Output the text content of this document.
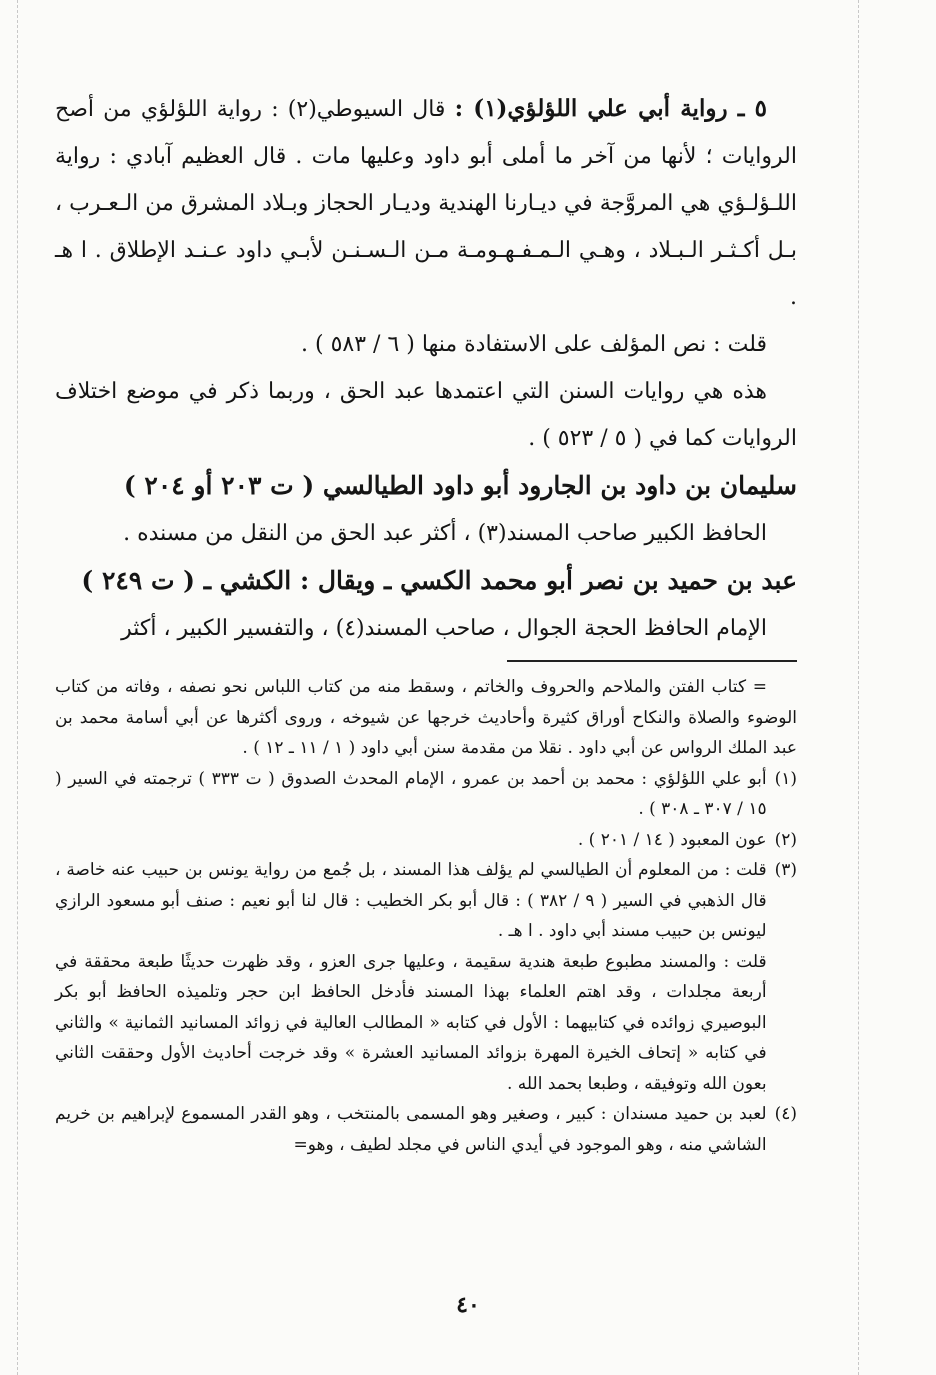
٥ ـ رواية أبي علي اللؤلؤي(١) : قال السيوطي(٢) : رواية اللؤلؤي من أصح الروايات ؛ لأنها من آخر ما أملى أبو داود وعليها مات . قال العظيم آبادي : رواية اللـؤلـؤي هي المروَّجة في ديـارنا الهندية وديـار الحجاز وبـلاد المشرق من الـعـرب ، بـل أكـثـر الـبـلاد ، وهـي الـمـفـهـومـة مـن الـسـنـن لأبـي داود عـنـد الإطلاق . ا هـ .

قلت : نص المؤلف على الاستفادة منها ( ٦ / ٥٨٣ ) .

هذه هي روايات السنن التي اعتمدها عبد الحق ، وربما ذكر في موضع اختلاف الروايات كما في ( ٥ / ٥٢٣ ) .

سليمان بن داود بن الجارود أبو داود الطيالسي ( ت ٢٠٣ أو ٢٠٤ )

الحافظ الكبير صاحب المسند(٣) ، أكثر عبد الحق من النقل من مسنده .

عبد بن حميد بن نصر أبو محمد الكسي ـ ويقال : الكشي ـ ( ت ٢٤٩ )

الإمام الحافظ الحجة الجوال ، صاحب المسند(٤) ، والتفسير الكبير ، أكثر

= كتاب الفتن والملاحم والحروف والخاتم ، وسقط منه من كتاب اللباس نحو نصفه ، وفاته من كتاب الوضوء والصلاة والنكاح أوراق كثيرة وأحاديث خرجها عن شيوخه ، وروى أكثرها عن أبي أسامة محمد بن عبد الملك الرواس عن أبي داود . نقلا من مقدمة سنن أبي داود ( ١ / ١١ ـ ١٢ ) .

(١)
أبو علي اللؤلؤي : محمد بن أحمد بن عمرو ، الإمام المحدث الصدوق ( ت ٣٣٣ ) ترجمته في السير ( ١٥ / ٣٠٧ ـ ٣٠٨ ) .
(٢)
عون المعبود ( ١٤ / ٢٠١ ) .
(٣)
قلت : من المعلوم أن الطيالسي لم يؤلف هذا المسند ، بل جُمع من رواية يونس بن حبيب عنه خاصة ، قال الذهبي في السير ( ٩ / ٣٨٢ ) : قال أبو بكر الخطيب : قال لنا أبو نعيم : صنف أبو مسعود الرازي ليونس بن حبيب مسند أبي داود . ا هـ .
قلت : والمسند مطبوع طبعة هندية سقيمة ، وعليها جرى العزو ، وقد ظهرت حديثًا طبعة محققة في أربعة مجلدات ، وقد اهتم العلماء بهذا المسند فأدخل الحافظ ابن حجر وتلميذه الحافظ أبو بكر البوصيري زوائده في كتابيهما : الأول في كتابه « المطالب العالية في زوائد المسانيد الثمانية » والثاني في كتابه « إتحاف الخيرة المهرة بزوائد المسانيد العشرة » وقد خرجت أحاديث الأول وحققت الثاني بعون الله وتوفيقه ، وطبعا بحمد الله .
(٤)
لعبد بن حميد مسندان : كبير ، وصغير وهو المسمى بالمنتخب ، وهو القدر المسموع لإبراهيم بن خريم الشاشي منه ، وهو الموجود في أيدي الناس في مجلد لطيف ، وهو=
٤٠
